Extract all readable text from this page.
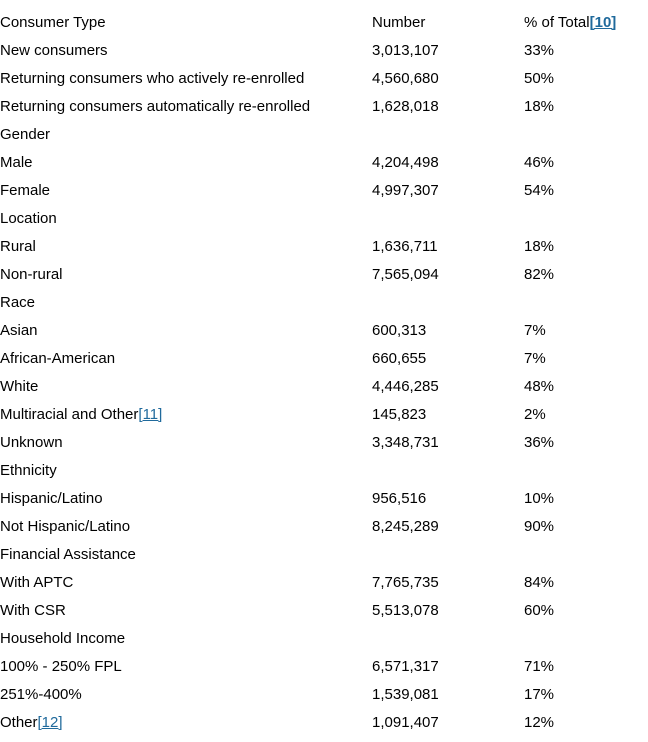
Consumer Type	Number	% of Total[10]
New consumers	3,013,107	33%
Returning consumers who actively re-enrolled	4,560,680	50%
Returning consumers automatically re-enrolled	1,628,018	18%
Gender		
Male	4,204,498	46%
Female	4,997,307	54%
Location		
Rural	1,636,711	18%
Non-rural	7,565,094	82%
Race		
Asian	600,313	7%
African-American	660,655	7%
White	4,446,285	48%
Multiracial and Other[11]	145,823	2%
Unknown	3,348,731	36%
Ethnicity		
Hispanic/Latino	956,516	10%
Not Hispanic/Latino	8,245,289	90%
Financial Assistance		
With APTC	7,765,735	84%
With CSR	5,513,078	60%
Household Income		
100% - 250% FPL	6,571,317	71%
251%-400%	1,539,081	17%
Other[12]	1,091,407	12%
